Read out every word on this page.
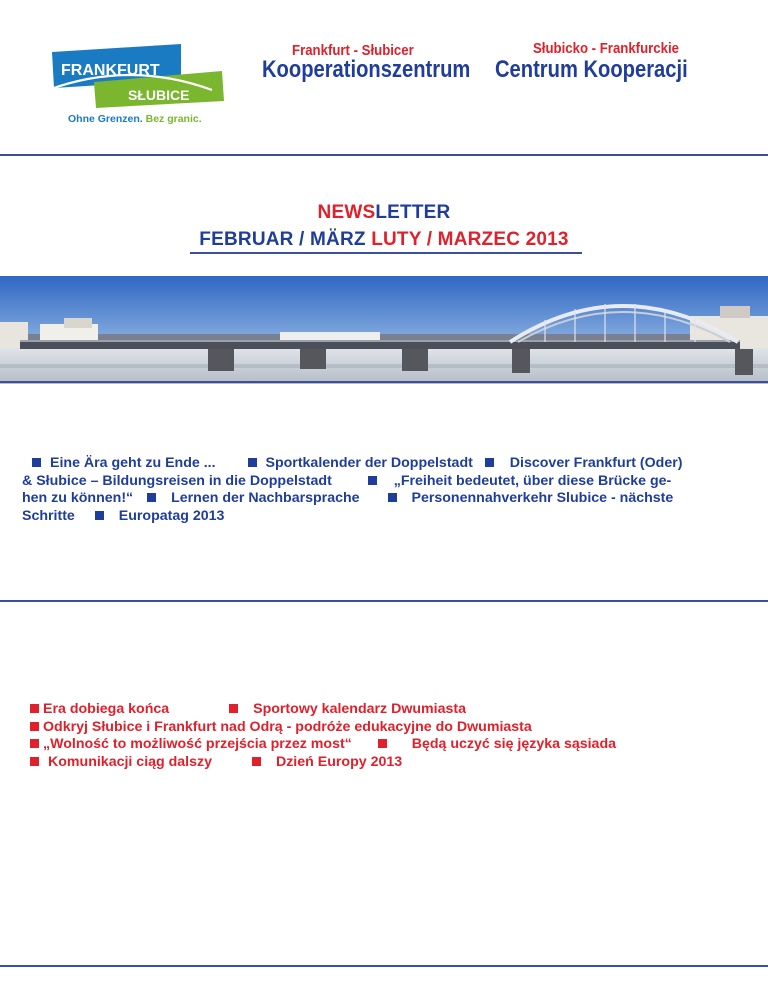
ODER
FRANKFURT
SŁUBICE
Ohne Grenzen. Bez granic.
Frankfurt - Słubicer
Kooperationszentrum
Słubicko - Frankfurckie
Centrum Kooperacji
NEWSLETTER
FEBRUAR / MÄRZ LUTY / MARZEC 2013
Eine Ära geht zu Ende ...	Sportkalender der Doppelstadt	Discover Frankfurt (Oder)
& Słubice – Bildungsreisen in die Doppelstadt	„Freiheit bedeutet, über diese Brücke ge-
hen zu können!“	Lernen der Nachbarsprache	Personennahverkehr Slubice - nächste
Schritte	Europatag 2013
Era dobiega końca	Sportowy kalendarz Dwumiasta
Odkryj Słubice i Frankfurt nad Odrą - podróże edukacyjne do Dwumiasta
„Wolność to możliwość przejścia przez most“	Będą uczyć się języka sąsiada
Komunikacji ciąg dalszy	Dzień Europy 2013
